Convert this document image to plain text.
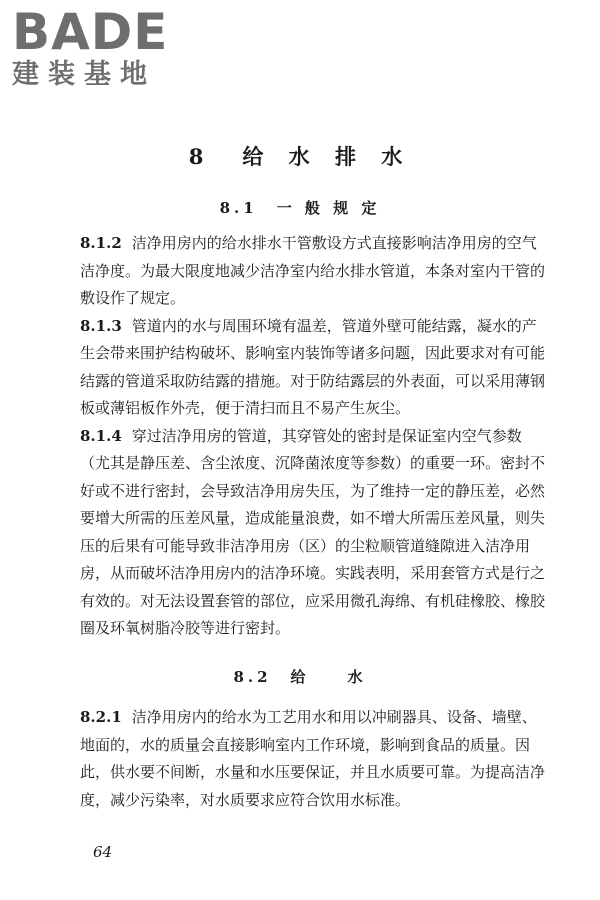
BADE
建装基地
8　给 水 排 水
8.1　一 般 规 定

8.1.2 洁净用房内的给水排水干管敷设方式直接影响洁净用房的空气洁净度。为最大限度地减少洁净室内给水排水管道，本条对室内干管的敷设作了规定。

8.1.3 管道内的水与周围环境有温差，管道外壁可能结露，凝水的产生会带来围护结构破坏、影响室内装饰等诸多问题，因此要求对有可能结露的管道采取防结露的措施。对于防结露层的外表面，可以采用薄钢板或薄铝板作外壳，便于清扫而且不易产生灰尘。

8.1.4 穿过洁净用房的管道，其穿管处的密封是保证室内空气参数（尤其是静压差、含尘浓度、沉降菌浓度等参数）的重要一环。密封不好或不进行密封，会导致洁净用房失压，为了维持一定的静压差，必然要增大所需的压差风量，造成能量浪费，如不增大所需压差风量，则失压的后果有可能导致非洁净用房（区）的尘粒顺管道缝隙进入洁净用房，从而破坏洁净用房内的洁净环境。实践表明，采用套管方式是行之有效的。对无法设置套管的部位，应采用微孔海绵、有机硅橡胶、橡胶圈及环氧树脂冷胶等进行密封。

8.2　给　　水

8.2.1 洁净用房内的给水为工艺用水和用以冲刷器具、设备、墙壁、地面的，水的质量会直接影响室内工作环境，影响到食品的质量。因此，供水要不间断，水量和水压要保证，并且水质要可靠。为提高洁净度，减少污染率，对水质要求应符合饮用水标准。

64
